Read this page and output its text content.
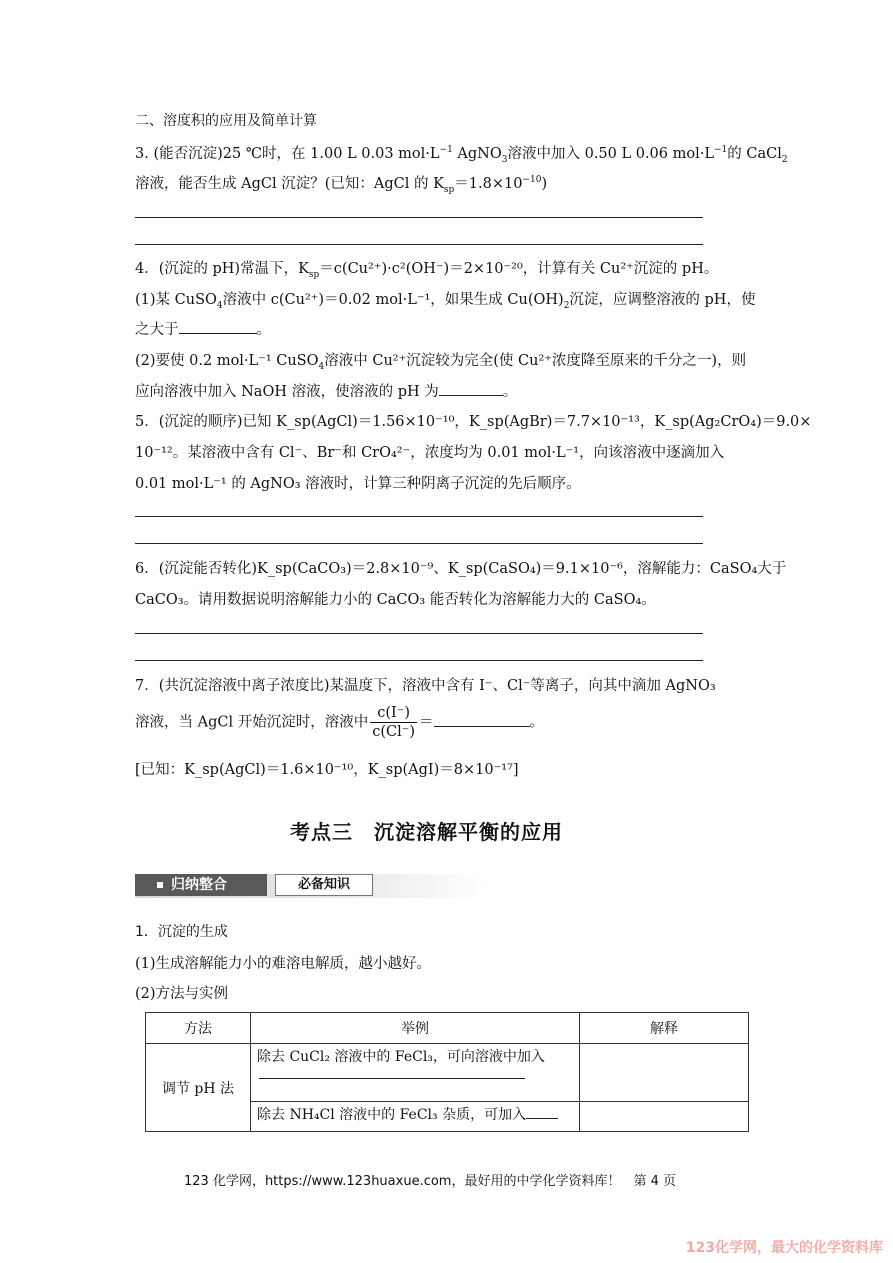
二、溶度积的应用及简单计算
3. (能否沉淀)25 ℃时，在 1.00 L 0.03 $mol\cdot L^{-1}$ AgNO$_3$溶液中加入 0.50 L 0.06 $mol\cdot L^{-1}$的 CaCl$_2$
溶液，能否生成 AgCl 沉淀？(已知：AgCl 的 $K_{sp}=1.8\times 10^{-10}$)
4．(沉淀的 pH)常温下，$K_{sp}=c(Cu^{2+})\cdot c^2(OH^-)=2\times 10^{-20}$，计算有关 Cu²⁺沉淀的 pH。
(1)某 CuSO$_4$溶液中 c(Cu²⁺)＝0.02 mol·L⁻¹，如果生成 $Cu(OH)_2$沉淀，应调整溶液的 pH，使
之大于	。
(2)要使 0.2 mol·L⁻¹ CuSO$_4$溶液中 Cu²⁺沉淀较为完全(使 Cu²⁺浓度降至原来的千分之一)，则
应向溶液中加入 NaOH 溶液，使溶液的 pH 为	。
5．(沉淀的顺序)已知 K_sp(AgCl)＝1.56×10⁻¹⁰，K_sp(AgBr)＝7.7×10⁻¹³，K_sp(Ag₂CrO₄)＝9.0×
10⁻¹²。某溶液中含有 Cl⁻、Br⁻和 CrO₄²⁻，浓度均为 0.01 mol·L⁻¹，向该溶液中逐滴加入
0.01 mol·L⁻¹ 的 AgNO₃ 溶液时，计算三种阴离子沉淀的先后顺序。
6．(沉淀能否转化)K_sp(CaCO₃)＝2.8×10⁻⁹、K_sp(CaSO₄)＝9.1×10⁻⁶，溶解能力：CaSO₄大于
CaCO₃。请用数据说明溶解能力小的 CaCO₃ 能否转化为溶解能力大的 CaSO₄。
7．(共沉淀溶液中离子浓度比)某温度下，溶液中含有 I⁻、Cl⁻等离子，向其中滴加 AgNO₃
溶液，当 AgCl 开始沉淀时，溶液中 $\frac{c(I^-)}{c(Cl^-)}$ ＝	。
[已知：K_sp(AgCl)＝1.6×10⁻¹⁰，K_sp(AgI)＝8×10⁻¹⁷]
考点三　沉淀溶解平衡的应用
归纳整合	必备知识
1．沉淀的生成
(1)生成溶解能力小的难溶电解质，越小越好。
(2)方法与实例
方法	举例	解释
调节 pH 法	除去 CuCl₂ 溶液中的 FeCl₃，可向溶液中加入	

	除去 NH₄Cl 溶液中的 FeCl₃ 杂质，可加入	
123 化学网，https://www.123huaxue.com，最好用的中学化学资料库！　第 4 页
123化学网，最大的化学资料库
